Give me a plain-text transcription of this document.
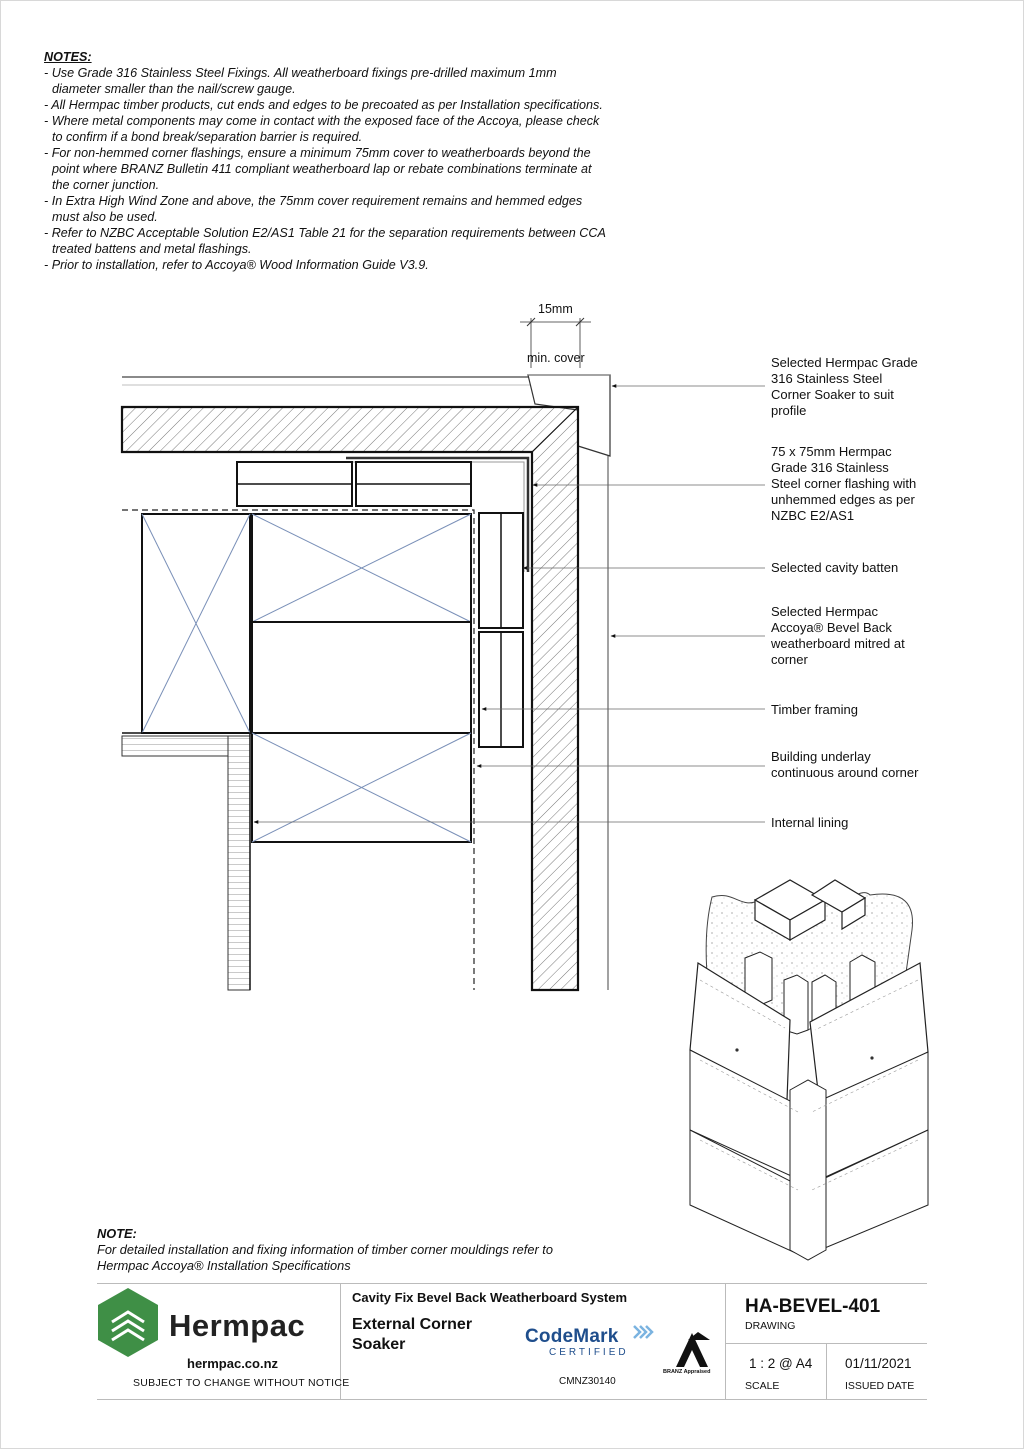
NOTES:
- Use Grade 316 Stainless Steel Fixings. All weatherboard fixings pre-drilled maximum 1mm
diameter smaller than the nail/screw gauge.
- All Hermpac timber products, cut ends and edges to be precoated as per Installation specifications.
- Where metal components may come in contact with the exposed face of the Accoya, please check
to confirm if a bond break/separation barrier is required.
- For non-hemmed corner flashings, ensure a minimum 75mm cover to weatherboards beyond the
point where BRANZ Bulletin 411 compliant weatherboard lap or rebate combinations terminate at
the corner junction.
- In Extra High Wind Zone and above, the 75mm cover requirement remains and hemmed edges
must also be used.
- Refer to NZBC Acceptable Solution E2/AS1 Table 21 for the separation requirements between CCA
treated battens and metal flashings.
- Prior to installation, refer to Accoya® Wood Information Guide V3.9.
15mm
min. cover	Selected Hermpac Grade
316 Stainless Steel
Corner Soaker to suit
profile
75 x 75mm Hermpac
Grade 316 Stainless
Steel corner flashing with
unhemmed edges as per
NZBC E2/AS1
Selected cavity batten
Selected Hermpac
Accoya® Bevel Back
weatherboard mitred at
corner
Timber framing
Building underlay
continuous around corner
Internal lining
NOTE:
For detailed installation and fixing information of timber corner mouldings refer to
Hermpac Accoya® Installation Specifications
Hermpac
hermpac.co.nz
SUBJECT TO CHANGE WITHOUT NOTICE
Cavity Fix Bevel Back Weatherboard System
External Corner
Soaker	CodeMark
CERTIFIED
CMNZ30140
BRANZ Appraised
HA-BEVEL-401
DRAWING
1 : 2 @ A4
SCALE
01/11/2021
ISSUED DATE
